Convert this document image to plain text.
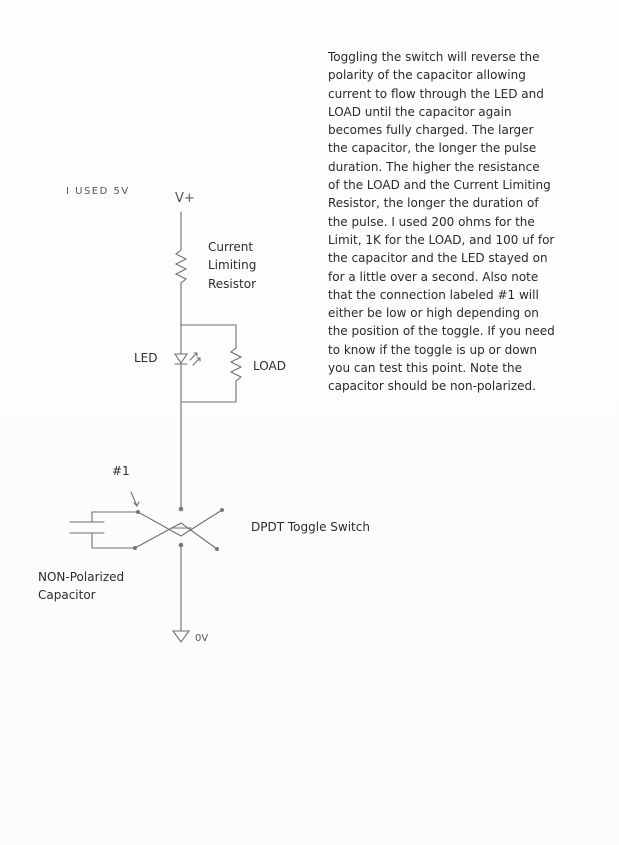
I USED 5V	V+
0V
Current
Limiting
Resistor
LED
LOAD
#1
DPDT Toggle Switch
NON-Polarized
Capacitor
Toggling the switch will reverse the
polarity of the capacitor allowing
current to flow through the LED and
LOAD until the capacitor again
becomes fully charged. The larger
the capacitor, the longer the pulse
duration. The higher the resistance
of the LOAD and the Current Limiting
Resistor, the longer the duration of
the pulse. I used 200 ohms for the
Limit, 1K for the LOAD, and 100 uf for
the capacitor and the LED stayed on
for a little over a second. Also note
that the connection labeled #1 will
either be low or high depending on
the position of the toggle. If you need
to know if the toggle is up or down
you can test this point. Note the
capacitor should be non-polarized.
